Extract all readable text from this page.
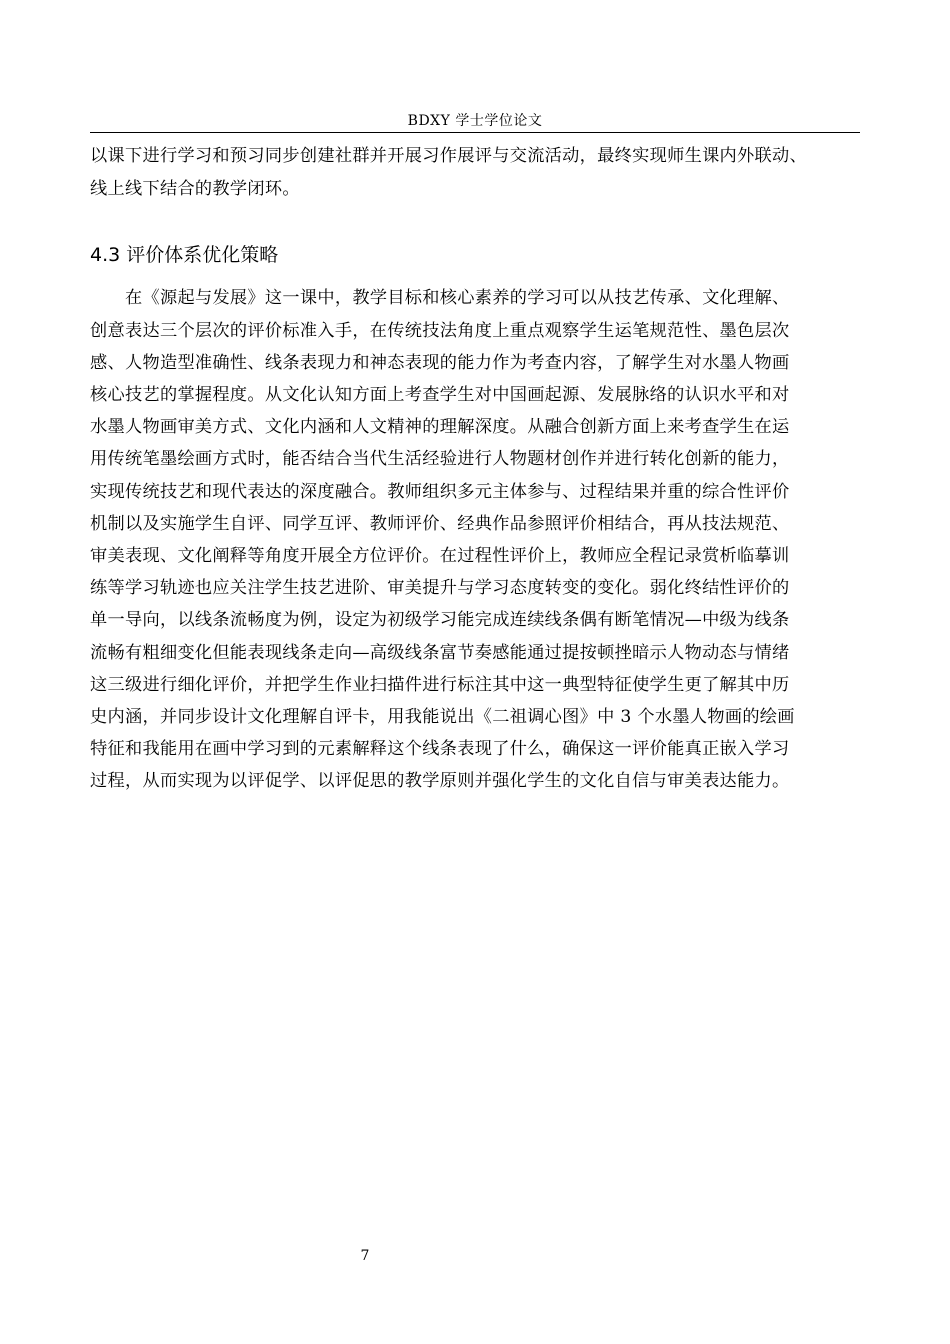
BDXY 学士学位论文
以课下进行学习和预习同步创建社群并开展习作展评与交流活动，最终实现师生课内外联动、
线上线下结合的教学闭环。
4.3 评价体系优化策略
在《源起与发展》这一课中，教学目标和核心素养的学习可以从技艺传承、文化理解、
创意表达三个层次的评价标准入手，在传统技法角度上重点观察学生运笔规范性、墨色层次
感、人物造型准确性、线条表现力和神态表现的能力作为考查内容，了解学生对水墨人物画
核心技艺的掌握程度。从文化认知方面上考查学生对中国画起源、发展脉络的认识水平和对
水墨人物画审美方式、文化内涵和人文精神的理解深度。从融合创新方面上来考查学生在运
用传统笔墨绘画方式时，能否结合当代生活经验进行人物题材创作并进行转化创新的能力，
实现传统技艺和现代表达的深度融合。教师组织多元主体参与、过程结果并重的综合性评价
机制以及实施学生自评、同学互评、教师评价、经典作品参照评价相结合，再从技法规范、
审美表现、文化阐释等角度开展全方位评价。在过程性评价上，教师应全程记录赏析临摹训
练等学习轨迹也应关注学生技艺进阶、审美提升与学习态度转变的变化。弱化终结性评价的
单一导向，以线条流畅度为例，设定为初级学习能完成连续线条偶有断笔情况—中级为线条
流畅有粗细变化但能表现线条走向—高级线条富节奏感能通过提按顿挫暗示人物动态与情绪
这三级进行细化评价，并把学生作业扫描件进行标注其中这一典型特征使学生更了解其中历
史内涵，并同步设计文化理解自评卡，用我能说出《二祖调心图》中 3 个水墨人物画的绘画
特征和我能用在画中学习到的元素解释这个线条表现了什么，确保这一评价能真正嵌入学习
过程，从而实现为以评促学、以评促思的教学原则并强化学生的文化自信与审美表达能力。
7
